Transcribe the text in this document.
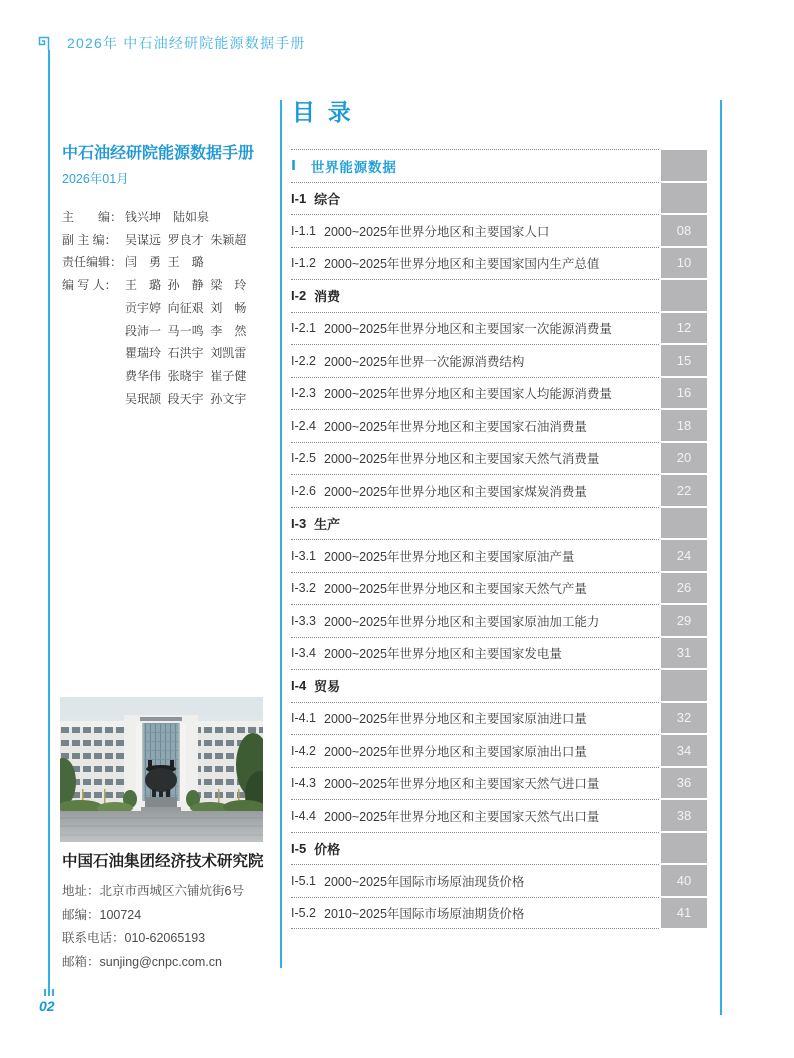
2026年 中石油经研院能源数据手册
中石油经研院能源数据手册
2026年01月
主　　编： 钱兴坤　陆如泉
副 主 编： 吴谋远  罗良才  朱颖超
责任编辑： 闫　勇  王　璐
编 写 人： 王　璐  孙　静  梁　玲
贡宇婷  向征艰  刘　畅
段沛一  马一鸣  李　然
瞿瑞玲  石洪宇  刘凯雷
费华伟  张晓宇  崔子健
吴珉颉  段天宇  孙文宇
中国石油集团经济技术研究院
地址：北京市西城区六铺炕街6号
邮编：100724
联系电话：010-62065193
邮箱：sunjing@cnpc.com.cn
目  录
Ⅰ 世界能源数据
I-1 综合
I-1.1 2000~2025年世界分地区和主要国家人口	08
I-1.2 2000~2025年世界分地区和主要国家国内生产总值	10
I-2 消费
I-2.1 2000~2025年世界分地区和主要国家一次能源消费量	12
I-2.2 2000~2025年世界一次能源消费结构	15
I-2.3 2000~2025年世界分地区和主要国家人均能源消费量	16
I-2.4 2000~2025年世界分地区和主要国家石油消费量	18
I-2.5 2000~2025年世界分地区和主要国家天然气消费量	20
I-2.6 2000~2025年世界分地区和主要国家煤炭消费量	22
I-3 生产
I-3.1 2000~2025年世界分地区和主要国家原油产量	24
I-3.2 2000~2025年世界分地区和主要国家天然气产量	26
I-3.3 2000~2025年世界分地区和主要国家原油加工能力	29
I-3.4 2000~2025年世界分地区和主要国家发电量	31
I-4 贸易
I-4.1 2000~2025年世界分地区和主要国家原油进口量	32
I-4.2 2000~2025年世界分地区和主要国家原油出口量	34
I-4.3 2000~2025年世界分地区和主要国家天然气进口量	36
I-4.4 2000~2025年世界分地区和主要国家天然气出口量	38
I-5 价格
I-5.1 2000~2025年国际市场原油现货价格	40
I-5.2 2010~2025年国际市场原油期货价格	41
02
